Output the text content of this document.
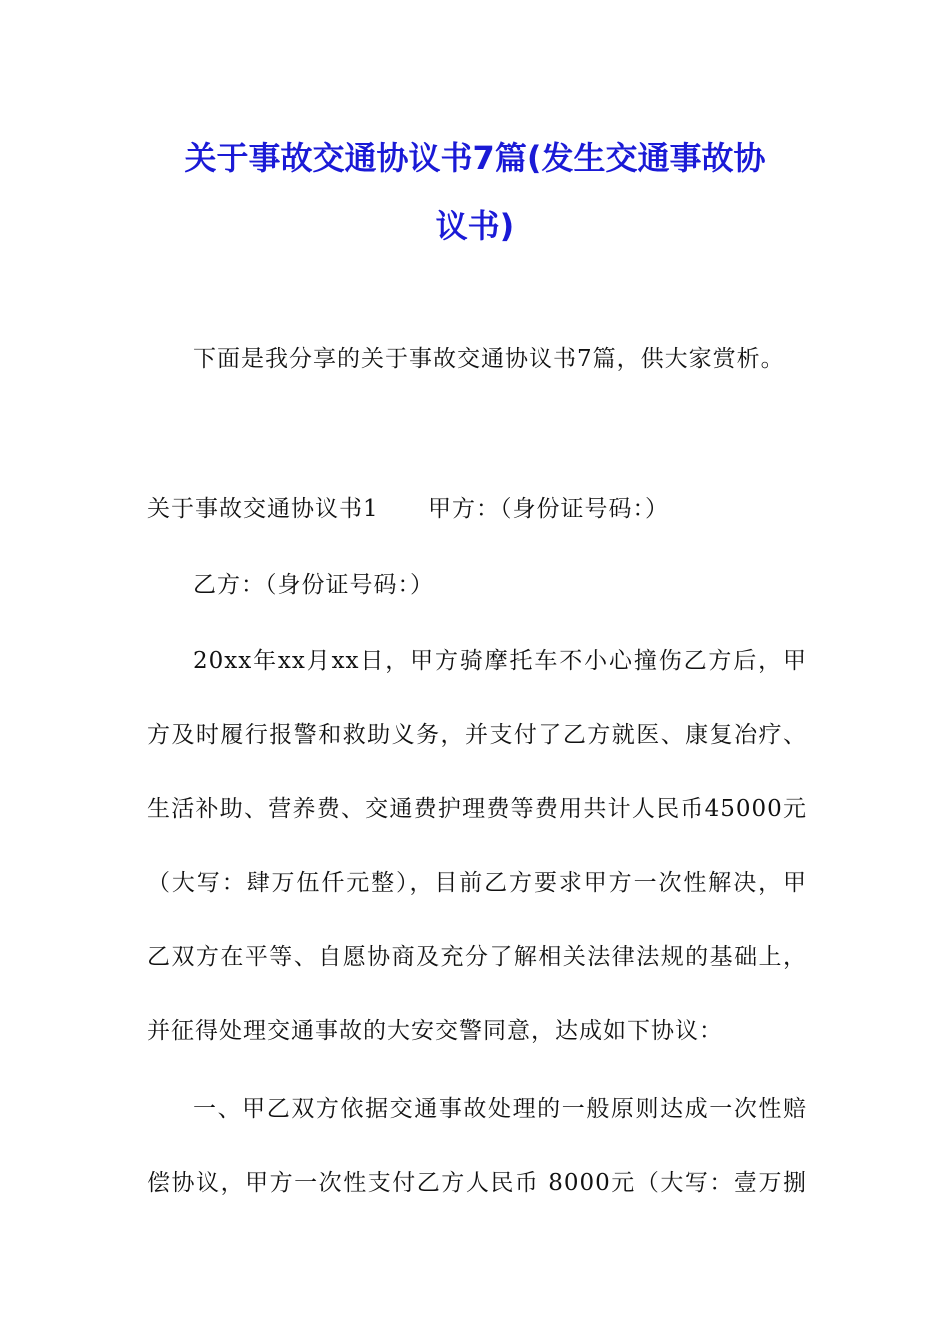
关于事故交通协议书7篇(发生交通事故协
议书)
下面是我分享的关于事故交通协议书7篇，供大家赏析。
关于事故交通协议书1 甲方：（身份证号码：）
乙方：（身份证号码：）
20xx年xx月xx日，甲方骑摩托车不小心撞伤乙方后，甲
方及时履行报警和救助义务，并支付了乙方就医、康复冶疗、
生活补助、营养费、交通费护理费等费用共计人民币45000元
（大写：肆万伍仟元整），目前乙方要求甲方一次性解决，甲
乙双方在平等、自愿协商及充分了解相关法律法规的基础上，
并征得处理交通事故的大安交警同意，达成如下协议：
一、甲乙双方依据交通事故处理的一般原则达成一次性赔
偿协议，甲方一次性支付乙方人民币 8000元（大写：壹万捌
